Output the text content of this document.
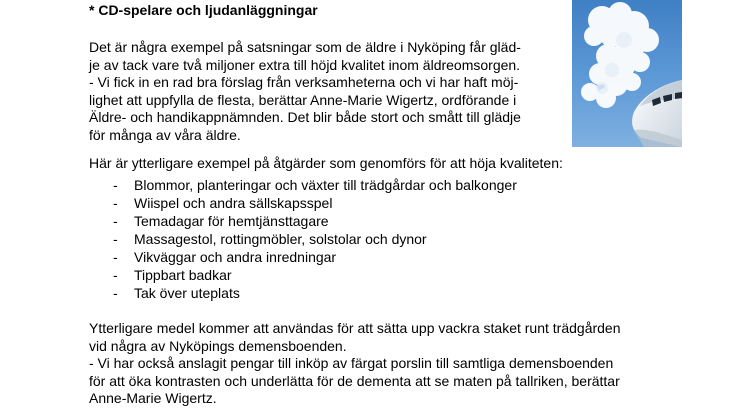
* CD-spelare och ljudanläggningar
Det är några exempel på satsningar som de äldre i Nyköping får gläd-
je av tack vare två miljoner extra till höjd kvalitet inom äldreomsorgen.
- Vi fick in en rad bra förslag från verksamheterna och vi har haft möj-
lighet att uppfylla de flesta, berättar Anne-Marie Wigertz, ordförande i
Äldre- och handikappnämnden. Det blir både stort och smått till glädje
för många av våra äldre.
Här är ytterligare exempel på åtgärder som genomförs för att höja kvaliteten:
- Blommor, planteringar och växter till trädgårdar och balkonger
- Wiispel och andra sällskapsspel
- Temadagar för hemtjänsttagare
- Massagestol, rottingmöbler, solstolar och dynor
- Vikväggar och andra inredningar
- Tippbart badkar
- Tak över uteplats
Ytterligare medel kommer att användas för att sätta upp vackra staket runt trädgården
vid några av Nyköpings demensboenden.
- Vi har också anslagit pengar till inköp av färgat porslin till samtliga demensboenden
för att öka kontrasten och underlätta för de dementa att se maten på tallriken, berättar
Anne-Marie Wigertz.
